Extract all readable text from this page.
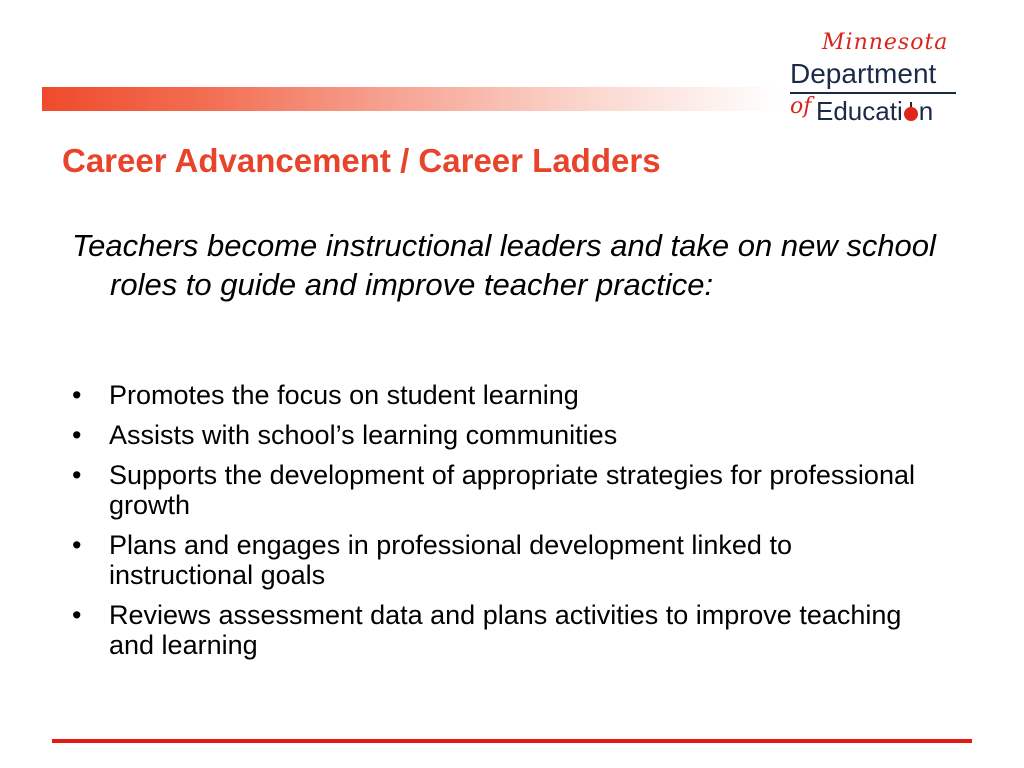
Minnesota
Department
of Educati n
Career Advancement / Career Ladders
Teachers become instructional leaders and take on new school roles to guide and improve teacher practice:
• Promotes the focus on student learning
• Assists with school’s learning communities
• Supports the development of appropriate strategies for professional growth
• Plans and engages in professional development linked to instructional goals
• Reviews assessment data and plans activities to improve teaching and learning
